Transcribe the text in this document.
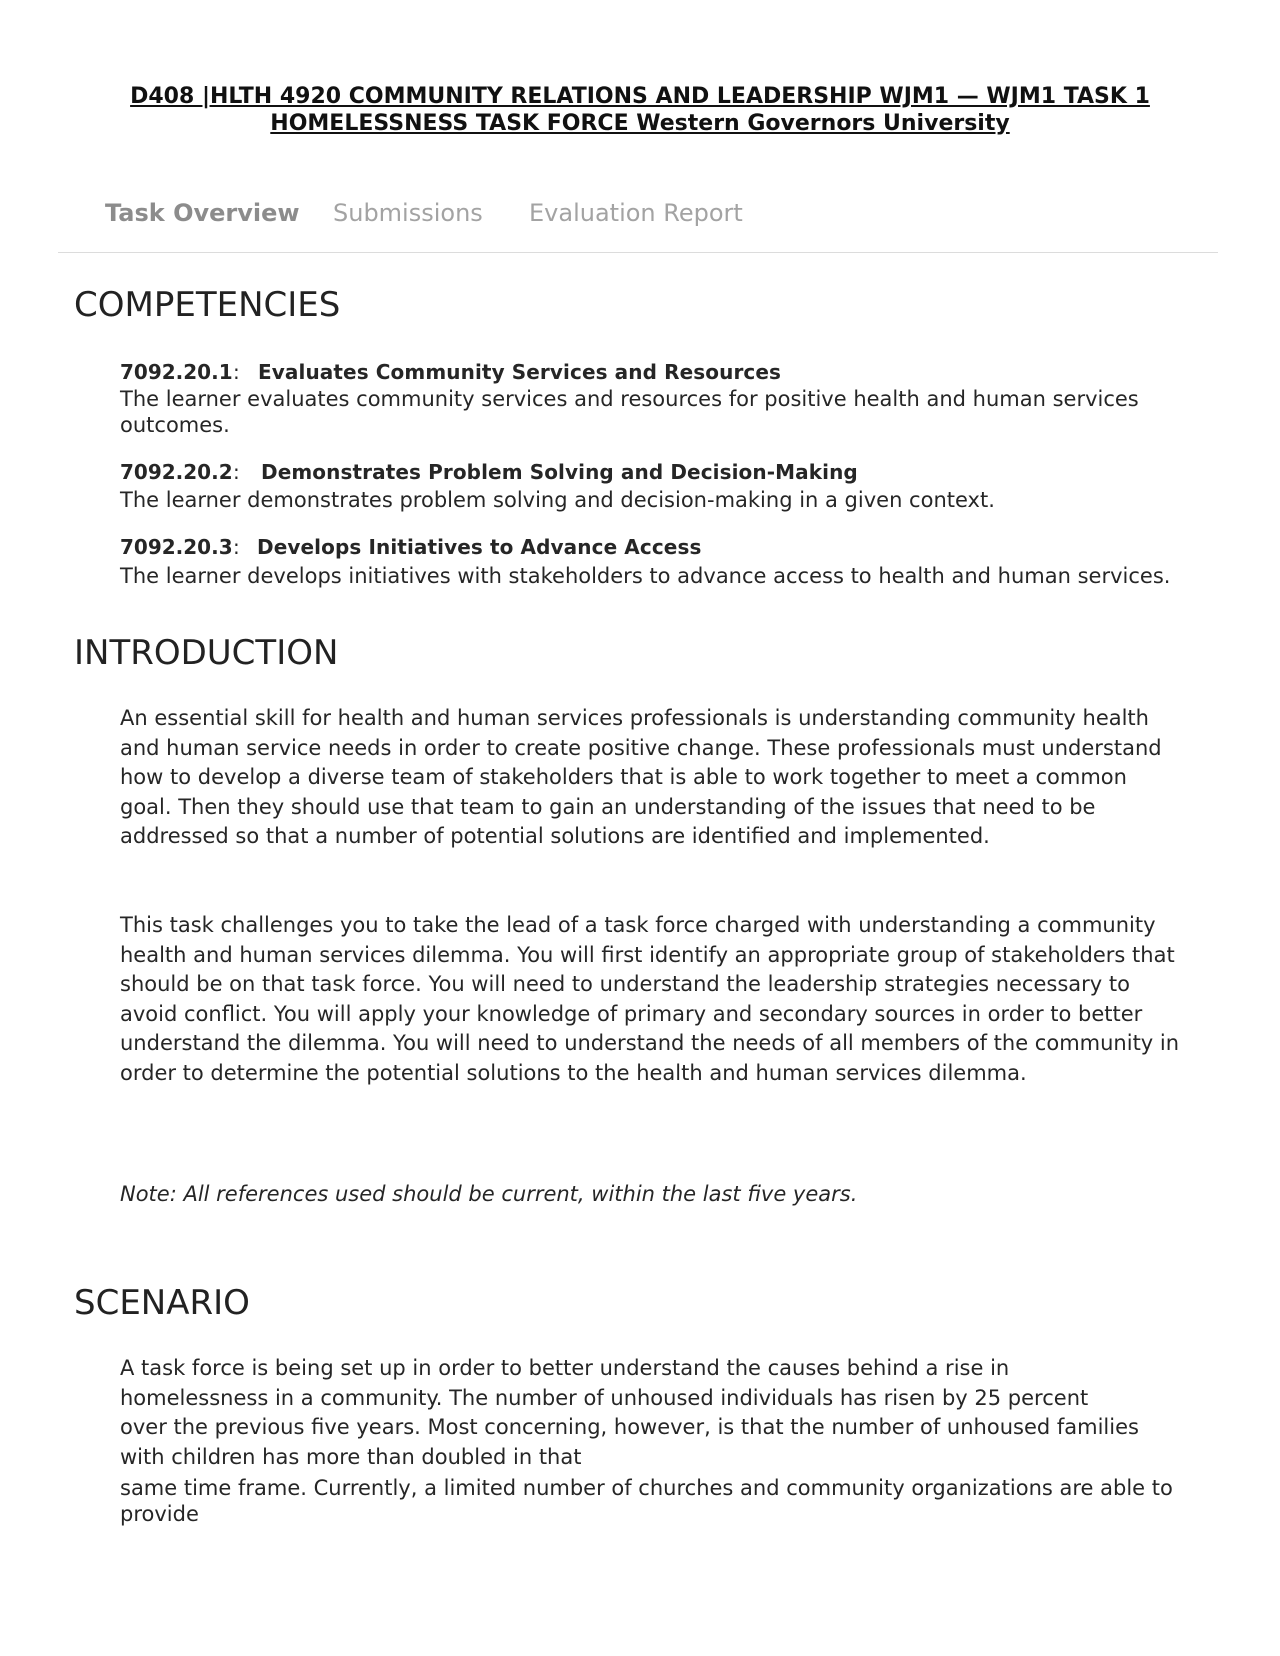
D408 |HLTH 4920 COMMUNITY RELATIONS AND LEADERSHIP WJM1 — WJM1 TASK 1 HOMELESSNESS TASK FORCE Western Governors University
Task Overview Submissions Evaluation Report
COMPETENCIES
7092.20.1 : Evaluates Community Services and Resources
The learner evaluates community services and resources for positive health and human services outcomes.
7092.20.2 : Demonstrates Problem Solving and Decision-Making
The learner demonstrates problem solving and decision-making in a given context.
7092.20.3 : Develops Initiatives to Advance Access
The learner develops initiatives with stakeholders to advance access to health and human services.
INTRODUCTION
An essential skill for health and human services professionals is understanding community health and human service needs in order to create positive change. These professionals must understand how to develop a diverse team of stakeholders that is able to work together to meet a common goal. Then they should use that team to gain an understanding of the issues that need to be addressed so that a number of potential solutions are identified and implemented.
This task challenges you to take the lead of a task force charged with understanding a community health and human services dilemma. You will first identify an appropriate group of stakeholders that should be on that task force. You will need to understand the leadership strategies necessary to avoid conflict. You will apply your knowledge of primary and secondary sources in order to better understand the dilemma. You will need to understand the needs of all members of the community in order to determine the potential solutions to the health and human services dilemma.
Note: All references used should be current, within the last five years.
SCENARIO
A task force is being set up in order to better understand the causes behind a rise in homelessness in a community. The number of unhoused individuals has risen by 25 percent over the previous five years. Most concerning, however, is that the number of unhoused families with children has more than doubled in that
same time frame. Currently, a limited number of churches and community organizations are able to provide
